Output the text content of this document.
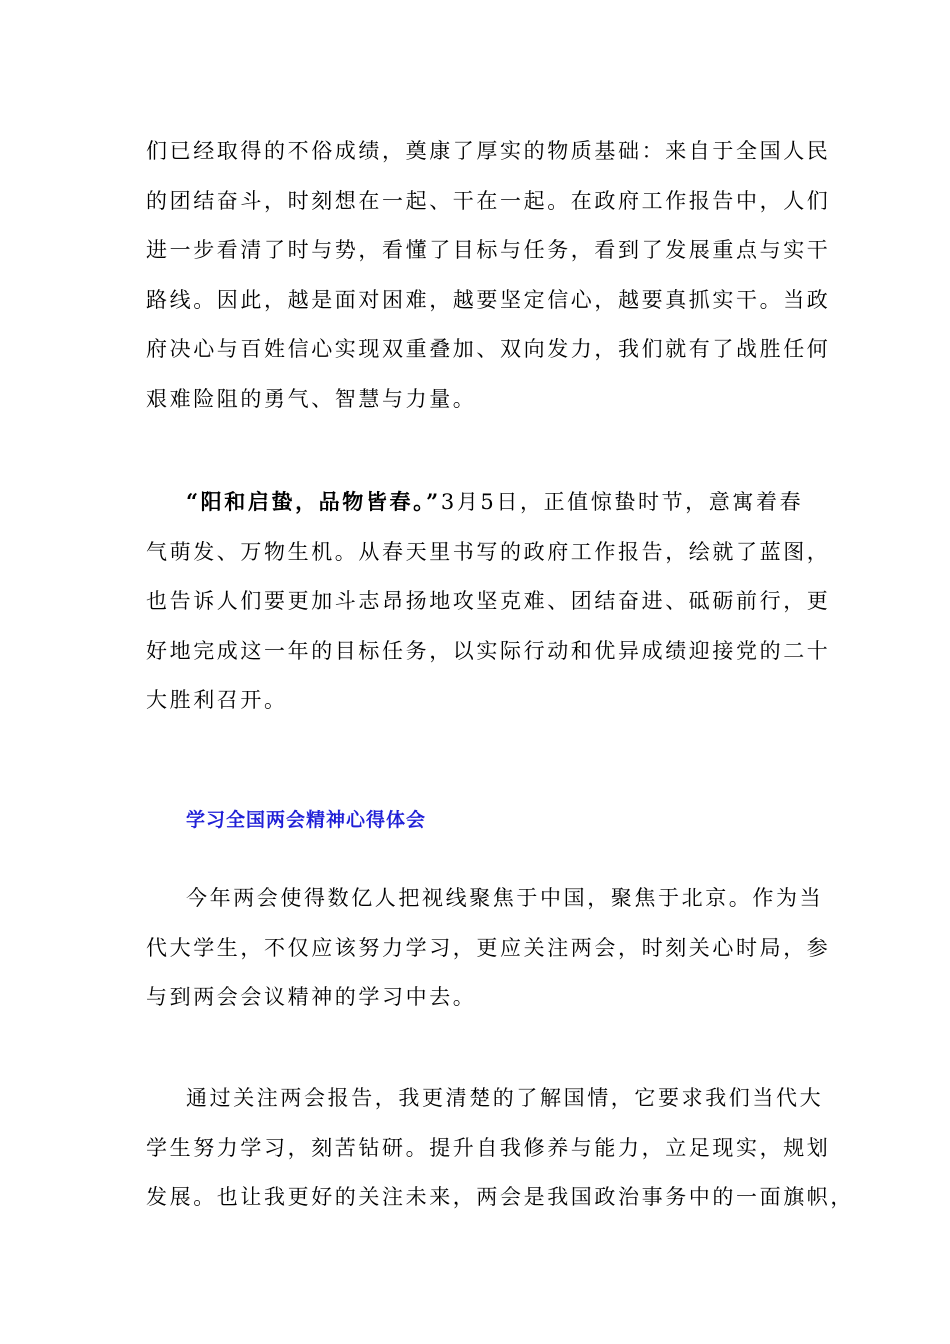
们已经取得的不俗成绩，奠康了厚实的物质基础：来自于全国人民
的团结奋斗，时刻想在一起、干在一起。在政府工作报告中，人们
进一步看清了时与势，看懂了目标与任务，看到了发展重点与实干
路线。因此，越是面对困难，越要坚定信心，越要真抓实干。当政
府决心与百姓信心实现双重叠加、双向发力，我们就有了战胜任何
艰难险阻的勇气、智慧与力量。

“阳和启蛰，品物皆春。”3月5日，正值惊蛰时节，意寓着春
气萌发、万物生机。从春天里书写的政府工作报告，绘就了蓝图，
也告诉人们要更加斗志昂扬地攻坚克难、团结奋进、砥砺前行，更
好地完成这一年的目标任务，以实际行动和优异成绩迎接党的二十
大胜利召开。

学习全国两会精神心得体会

今年两会使得数亿人把视线聚焦于中国，聚焦于北京。作为当
代大学生，不仅应该努力学习，更应关注两会，时刻关心时局，参
与到两会会议精神的学习中去。

通过关注两会报告，我更清楚的了解国情，它要求我们当代大
学生努力学习，刻苦钻研。提升自我修养与能力，立足现实，规划
发展。也让我更好的关注未来，两会是我国政治事务中的一面旗帜，
